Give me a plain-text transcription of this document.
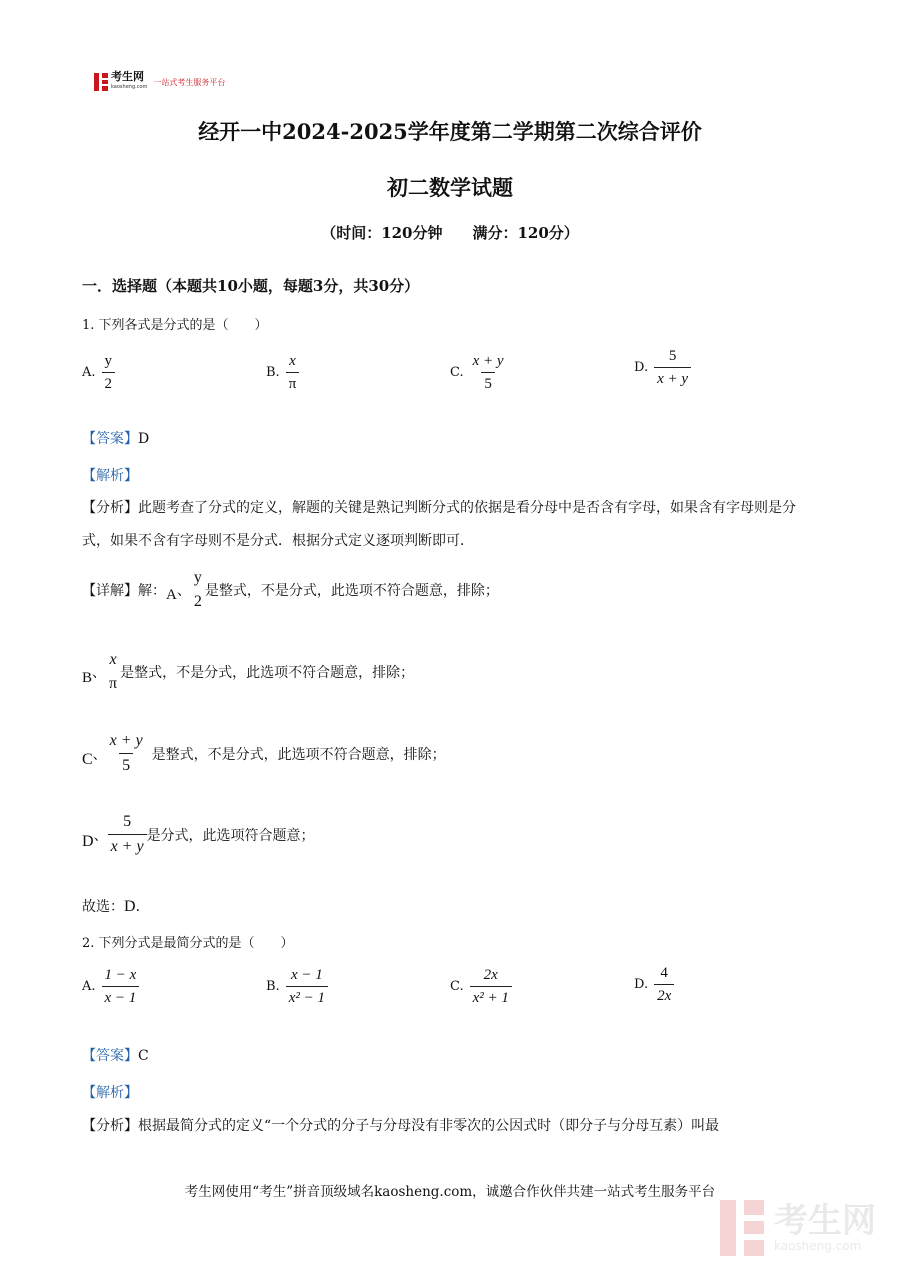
考生网
kaosheng.com
一站式考生服务平台
经开一中2024-2025学年度第二学期第二次综合评价
初二数学试题
（时间：120分钟　　满分：120分）
一．选择题（本题共10小题，每题3分，共30分）
1. 下列各式是分式的是（　　）
A. $\frac{y}{2}$	B. $\frac{x}{\pi}$	C. $\frac{x + y}{5}$	D. $\frac{5}{x + y}$
【答案】D
【解析】
【分析】此题考查了分式的定义，解题的关键是熟记判断分式的依据是看分母中是否含有字母，如果含有字母则是分式，如果不含有字母则不是分式．根据分式定义逐项判断即可．
【详解】解： A 、
y
2
是整式，不是分式，此选项不符合题意，排除；
B 、
x
π
是整式，不是分式，此选项不符合题意，排除；
C 、 $\frac{x + y}{5}$ 是整式，不是分式，此选项不符合题意，排除；
D 、 $\frac{5}{x + y}$ 是分式，此选项符合题意；
故选：D．
2. 下列分式是最简分式的是（　　）
A. $\frac{1 - x}{x - 1}$	B. $\frac{x - 1}{\text{x² − 1}}$	C. $\frac{2x}{\text{x² + 1}}$	D. $\frac{4}{2x}$
【答案】C
【解析】
【分析】根据最简分式的定义“一个分式的分子与分母没有非零次的公因式时（即分子与分母互素）叫最
考生网使用“考生”拼音顶级域名kaosheng.com，诚邀合作伙伴共建一站式考生服务平台
考生网
kaosheng.com
